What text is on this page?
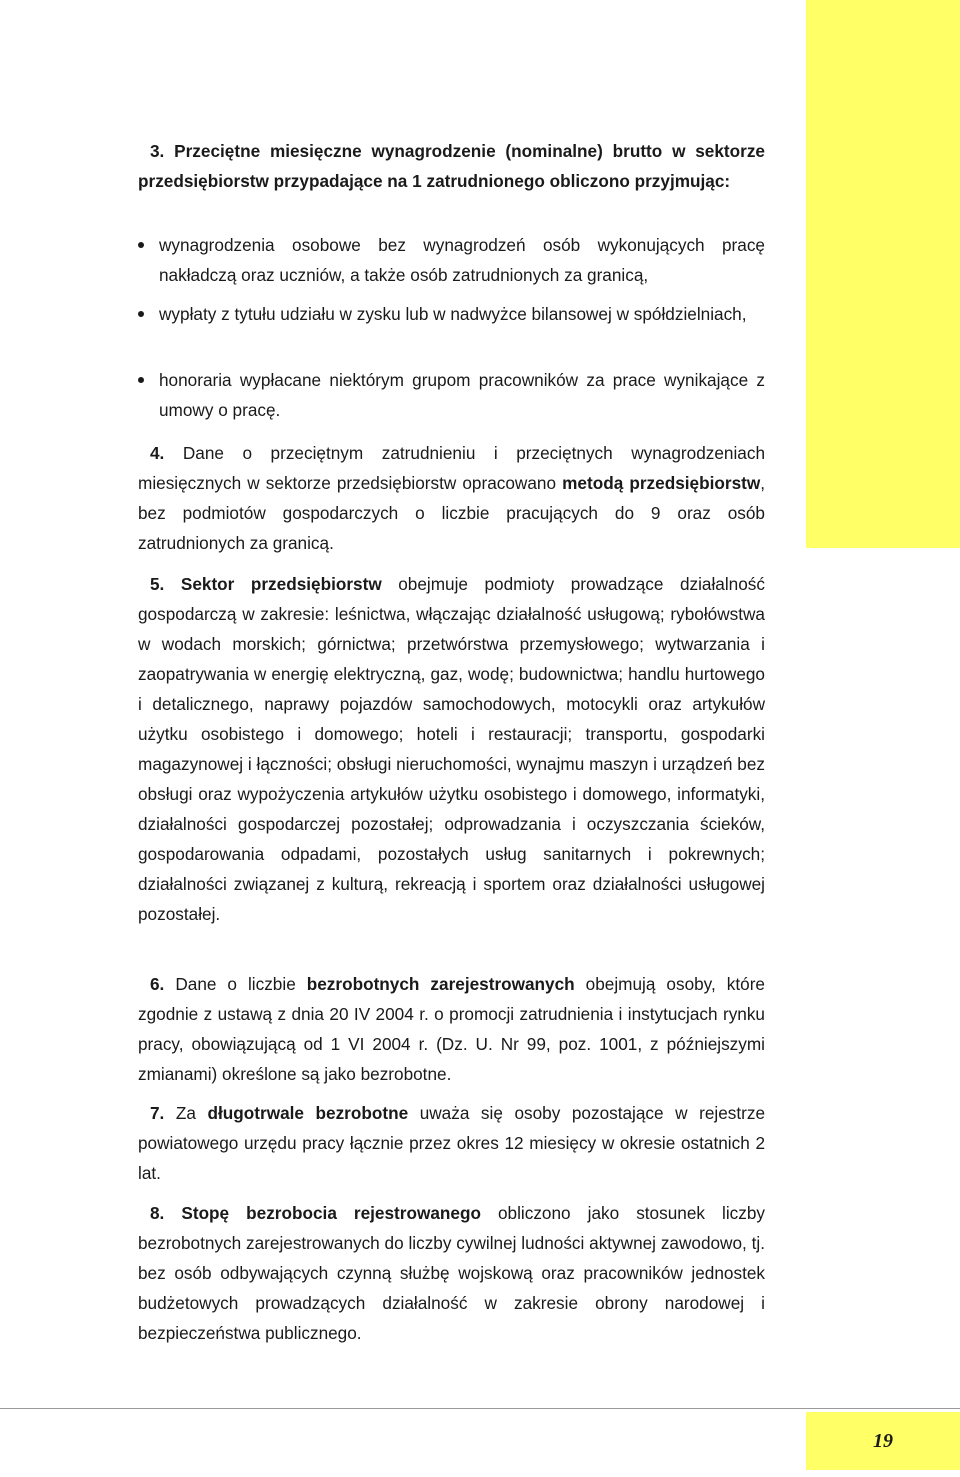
3. Przeciętne miesięczne wynagrodzenie (nominalne) brutto w sektorze przedsiębiorstw przypadające na 1 zatrudnionego obliczono przyjmując:

wynagrodzenia osobowe bez wynagrodzeń osób wykonujących pracę nakładczą oraz uczniów, a także osób zatrudnionych za granicą,

wypłaty z tytułu udziału w zysku lub w nadwyżce bilansowej w spółdzielniach,

honoraria wypłacane niektórym grupom pracowników za prace wynikające z umowy o pracę.

4. Dane o przeciętnym zatrudnieniu i przeciętnych wynagrodzeniach miesięcznych w sektorze przedsiębiorstw opracowano metodą przedsiębiorstw, bez podmiotów gospodarczych o liczbie pracujących do 9 oraz osób zatrudnionych za granicą.

5. Sektor przedsiębiorstw obejmuje podmioty prowadzące działalność gospodarczą w zakresie: leśnictwa, włączając działalność usługową; rybołówstwa w wodach morskich; górnictwa; przetwórstwa przemysłowego; wytwarzania i zaopatrywania w energię elektryczną, gaz, wodę; budownictwa; handlu hurtowego i detalicznego, naprawy pojazdów samochodowych, motocykli oraz artykułów użytku osobistego i domowego; hoteli i restauracji; transportu, gospodarki magazynowej i łączności; obsługi nieruchomości, wynajmu maszyn i urządzeń bez obsługi oraz wypożyczenia artykułów użytku osobistego i domowego, informatyki, działalności gospodarczej pozostałej; odprowadzania i oczyszczania ścieków, gospodarowania odpadami, pozostałych usług sanitarnych i pokrewnych; działalności związanej z kulturą, rekreacją i sportem oraz działalności usługowej pozostałej.

6. Dane o liczbie bezrobotnych zarejestrowanych obejmują osoby, które zgodnie z ustawą z dnia 20 IV 2004 r. o promocji zatrudnienia i instytucjach rynku pracy, obowiązującą od 1 VI 2004 r. (Dz. U. Nr 99, poz. 1001, z późniejszymi zmianami) określone są jako bezrobotne.

7. Za długotrwale bezrobotne uważa się osoby pozostające w rejestrze powiatowego urzędu pracy łącznie przez okres 12 miesięcy w okresie ostatnich 2 lat.

8. Stopę bezrobocia rejestrowanego obliczono jako stosunek liczby bezrobotnych zarejestrowanych do liczby cywilnej ludności aktywnej zawodowo, tj. bez osób odbywających czynną służbę wojskową oraz pracowników jednostek budżetowych prowadzących działalność w zakresie obrony narodowej i bezpieczeństwa publicznego.

19
